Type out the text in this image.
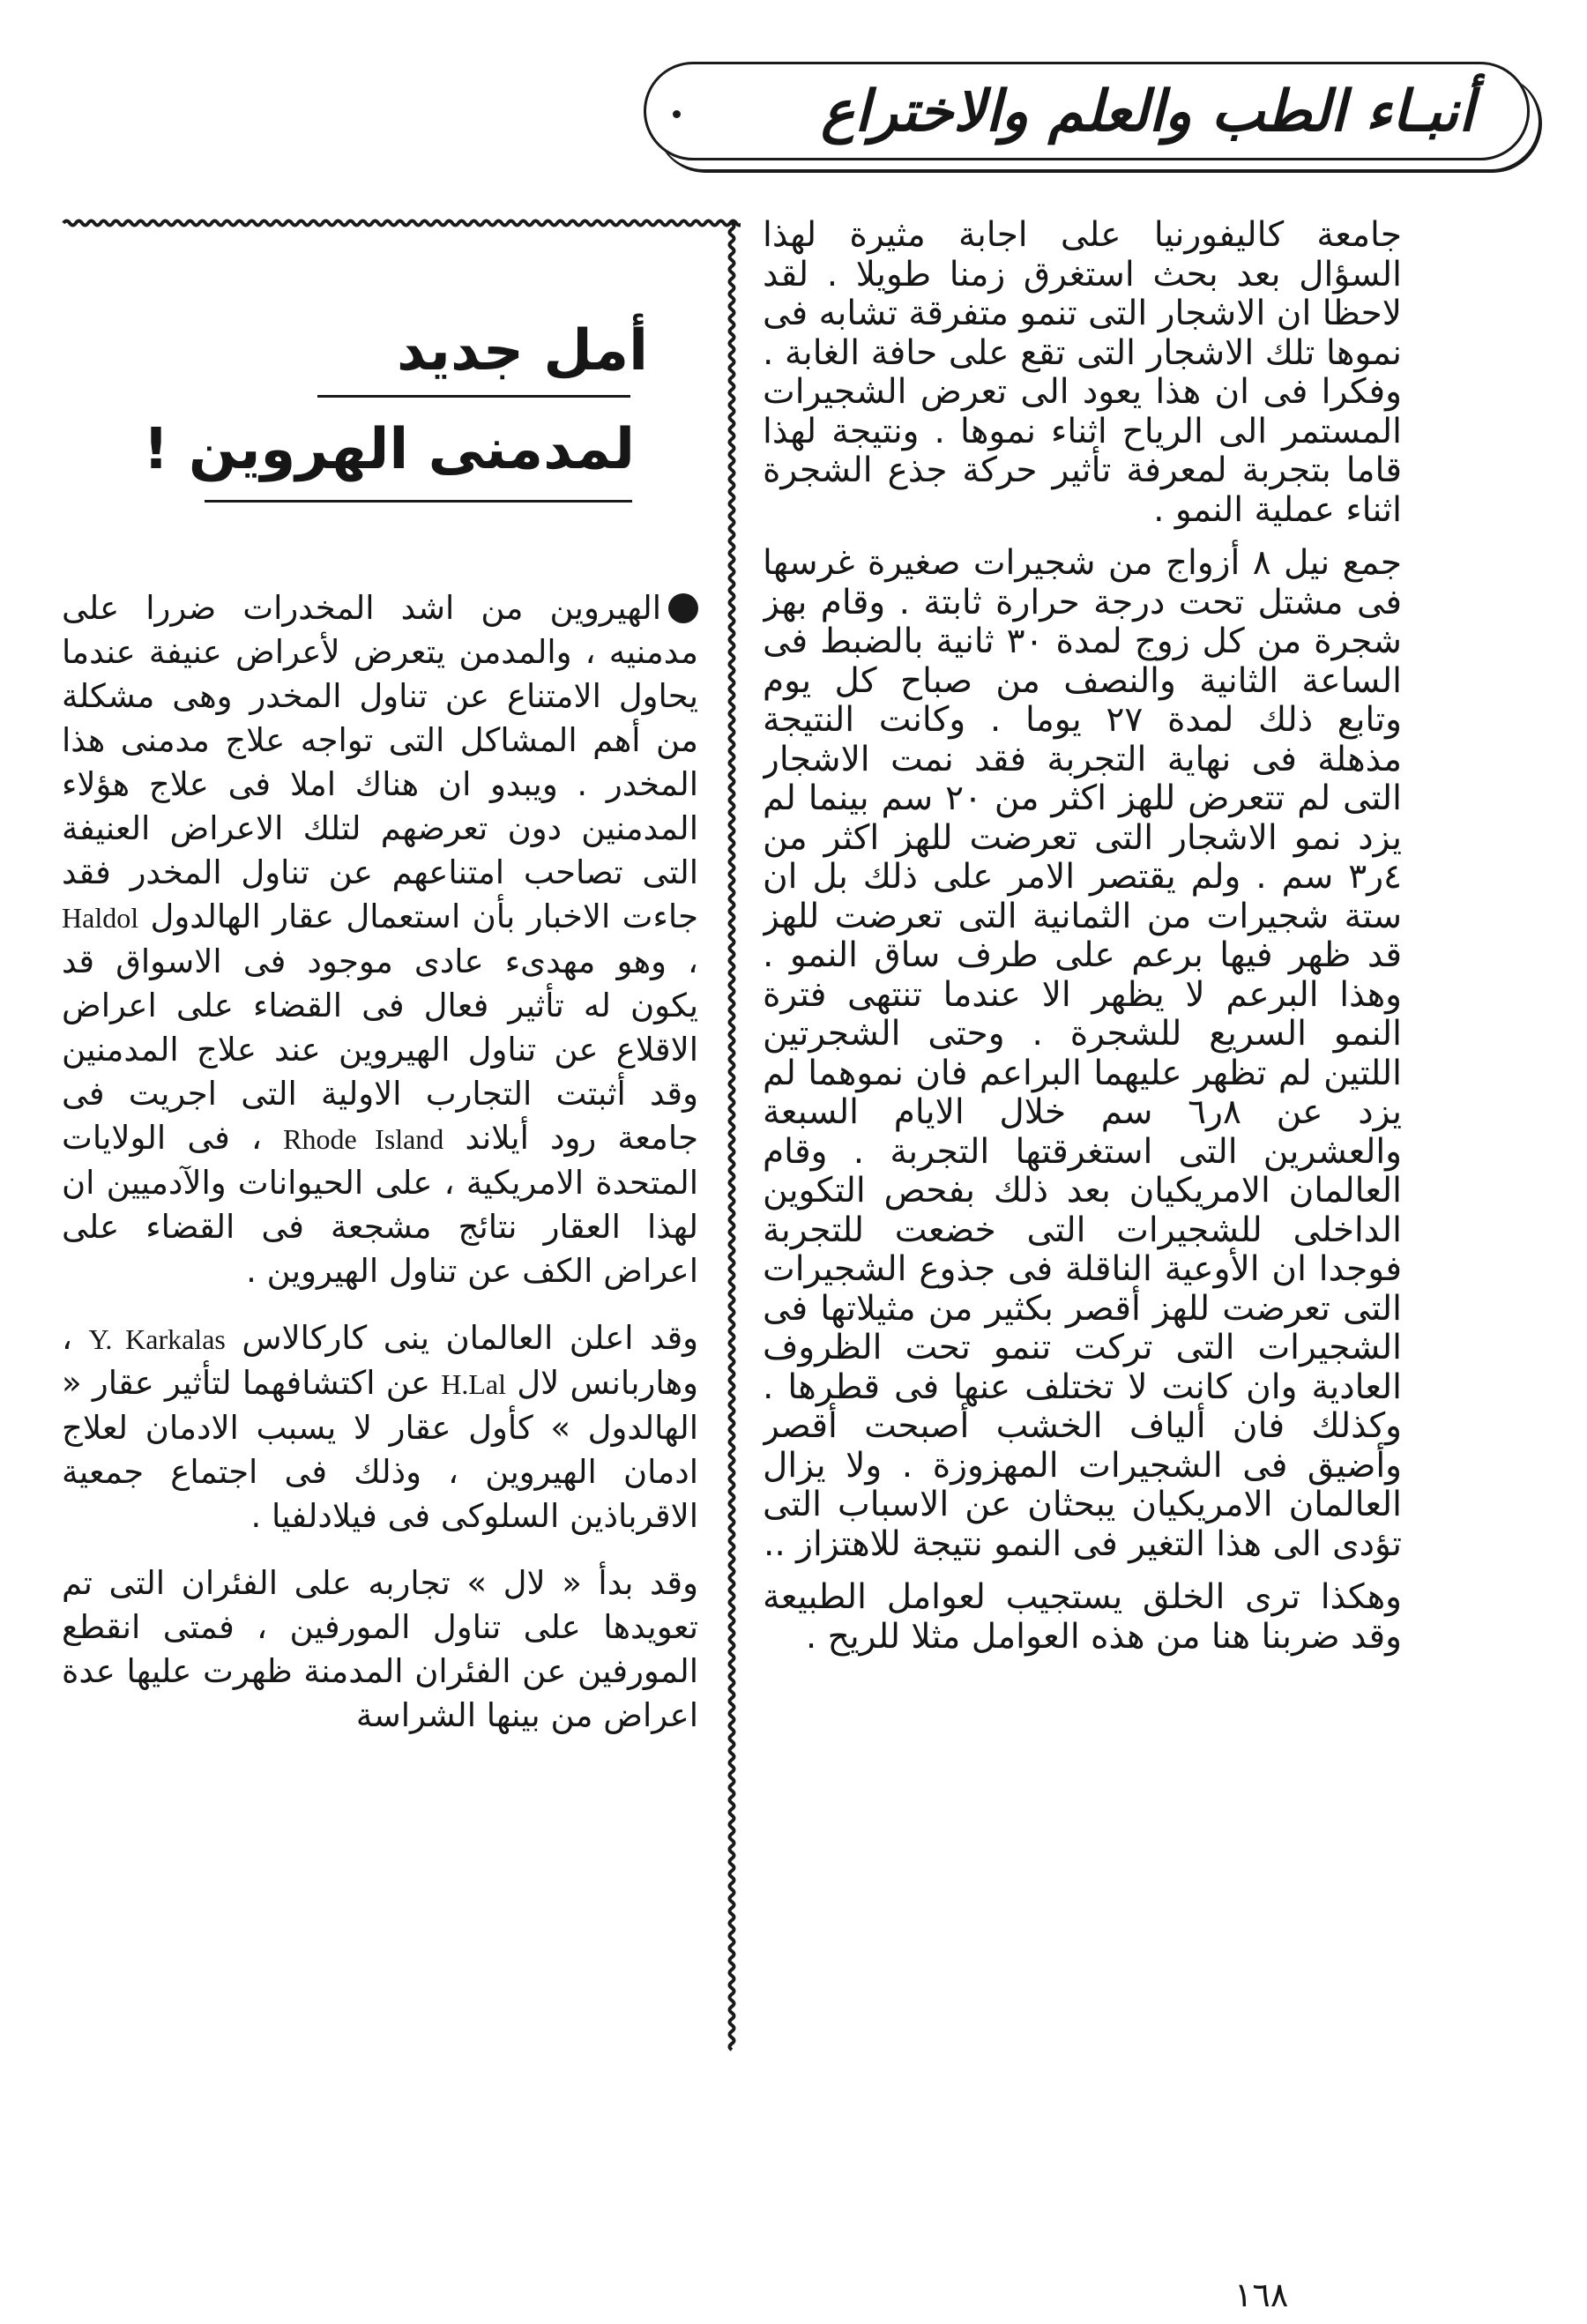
أنبـاء الطب والعلم والاختراع

جامعة كاليفورنيا على اجابة مثيرة لهذا السؤال بعد بحث استغرق زمنا طويلا . لقد لاحظا ان الاشجار التى تنمو متفرقة تشابه فى نموها تلك الاشجار التى تقع على حافة الغابة . وفكرا فى ان هذا يعود الى تعرض الشجيرات المستمر الى الرياح اثناء نموها . ونتيجة لهذا قاما بتجربة لمعرفة تأثير حركة جذع الشجرة اثناء عملية النمو .

جمع نيل ٨ أزواج من شجيرات صغيرة غرسها فى مشتل تحت درجة حرارة ثابتة . وقام بهز شجرة من كل زوج لمدة ٣٠ ثانية بالضبط فى الساعة الثانية والنصف من صباح كل يوم وتابع ذلك لمدة ٢٧ يوما . وكانت النتيجة مذهلة فى نهاية التجربة فقد نمت الاشجار التى لم تتعرض للهز اكثر من ٢٠ سم بينما لم يزد نمو الاشجار التى تعرضت للهز اكثر من ٤ر٣ سم . ولم يقتصر الامر على ذلك بل ان ستة شجيرات من الثمانية التى تعرضت للهز قد ظهر فيها برعم على طرف ساق النمو . وهذا البرعم لا يظهر الا عندما تنتهى فترة النمو السريع للشجرة . وحتى الشجرتين اللتين لم تظهر عليهما البراعم فان نموهما لم يزد عن ٨ر٦ سم خلال الايام السبعة والعشرين التى استغرقتها التجربة . وقام العالمان الامريكيان بعد ذلك بفحص التكوين الداخلى للشجيرات التى خضعت للتجربة فوجدا ان الأوعية الناقلة فى جذوع الشجيرات التى تعرضت للهز أقصر بكثير من مثيلاتها فى الشجيرات التى تركت تنمو تحت الظروف العادية وان كانت لا تختلف عنها فى قطرها . وكذلك فان ألياف الخشب أصبحت أقصر وأضيق فى الشجيرات المهزوزة . ولا يزال العالمان الامريكيان يبحثان عن الاسباب التى تؤدى الى هذا التغير فى النمو نتيجة للاهتزاز ..

وهكذا ترى الخلق يستجيب لعوامل الطبيعة وقد ضربنا هنا من هذه العوامل مثلا للريح .

أمل جديد
لمدمنى الهروين !

الهيروين من اشد المخدرات ضررا على مدمنيه ، والمدمن يتعرض لأعراض عنيفة عندما يحاول الامتناع عن تناول المخدر وهى مشكلة من أهم المشاكل التى تواجه علاج مدمنى هذا المخدر . ويبدو ان هناك املا فى علاج هؤلاء المدمنين دون تعرضهم لتلك الاعراض العنيفة التى تصاحب امتناعهم عن تناول المخدر فقد جاءت الاخبار بأن استعمال عقار الهالدول Haldol ، وهو مهدىء عادى موجود فى الاسواق قد يكون له تأثير فعال فى القضاء على اعراض الاقلاع عن تناول الهيروين عند علاج المدمنين وقد أثبتت التجارب الاولية التى اجريت فى جامعة رود أيلاند Rhode Island ، فى الولايات المتحدة الامريكية ، على الحيوانات والآدميين ان لهذا العقار نتائج مشجعة فى القضاء على اعراض الكف عن تناول الهيروين .

وقد اعلن العالمان ينى كاركالاس Y. Karkalas ، وهاربانس لال H.Lal عن اكتشافهما لتأثير عقار « الهالدول » كأول عقار لا يسبب الادمان لعلاج ادمان الهيروين ، وذلك فى اجتماع جمعية الاقرباذين السلوكى فى فيلادلفيا .

وقد بدأ « لال » تجاربه على الفئران التى تم تعويدها على تناول المورفين ، فمتى انقطع المورفين عن الفئران المدمنة ظهرت عليها عدة اعراض من بينها الشراسة

١٦٨
